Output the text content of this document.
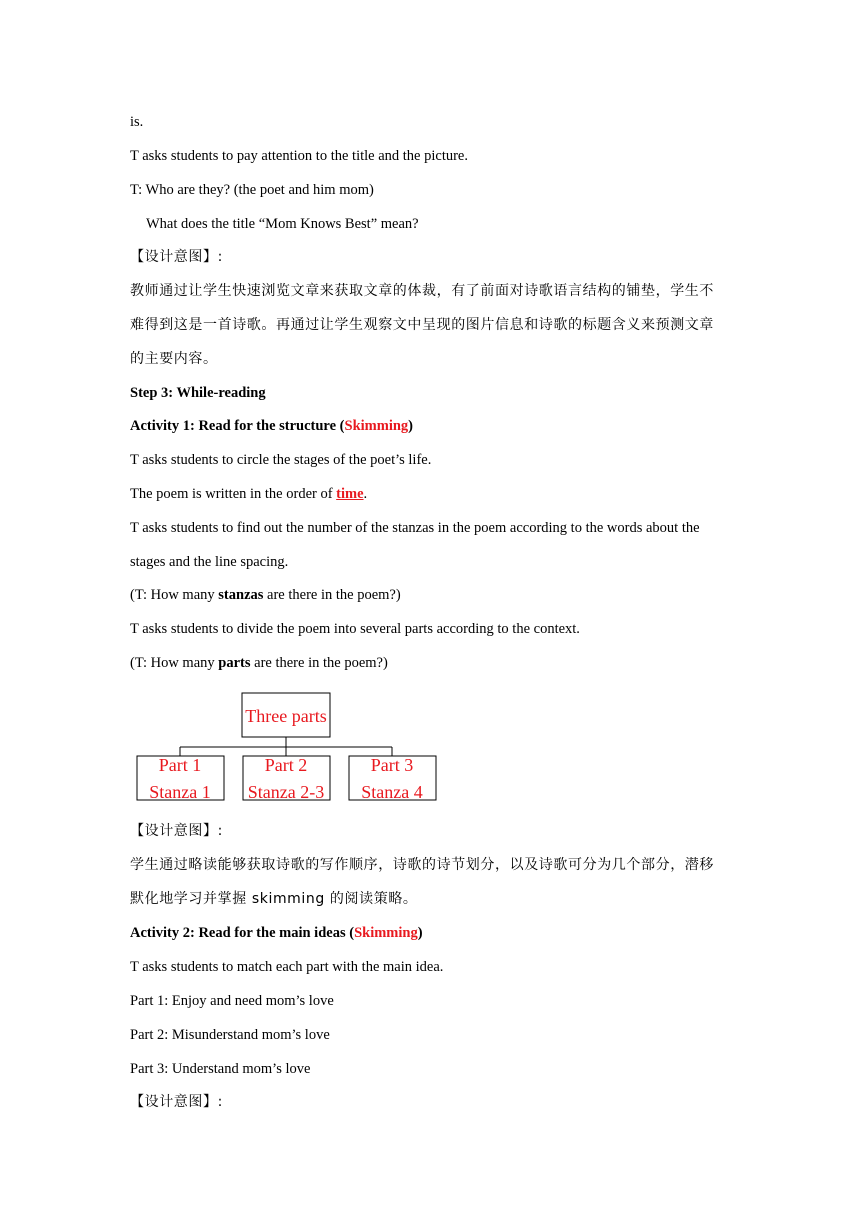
is.
T asks students to pay attention to the title and the picture.
T: Who are they? (the poet and him mom)
What does the title “Mom Knows Best” mean?
【设计意图】:
教师通过让学生快速浏览文章来获取文章的体裁，有了前面对诗歌语言结构的铺垫，学生不
难得到这是一首诗歌。再通过让学生观察文中呈现的图片信息和诗歌的标题含义来预测文章
的主要内容。
Step 3: While-reading
Activity 1: Read for the structure (Skimming)
T asks students to circle the stages of the poet’s life.
The poem is written in the order of time.
T asks students to find out the number of the stanzas in the poem according to the words about the
stages and the line spacing.
(T: How many stanzas are there in the poem?)
T asks students to divide the poem into several parts according to the context.
(T: How many parts are there in the poem?)
Three parts
Part 1
Stanza 1
Part 2
Stanza 2-3
Part 3
Stanza 4
【设计意图】:
学生通过略读能够获取诗歌的写作顺序，诗歌的诗节划分，以及诗歌可分为几个部分，潜移
默化地学习并掌握 skimming 的阅读策略。
Activity 2: Read for the main ideas (Skimming)
T asks students to match each part with the main idea.
Part 1: Enjoy and need mom’s love
Part 2: Misunderstand mom’s love
Part 3: Understand mom’s love
【设计意图】:
